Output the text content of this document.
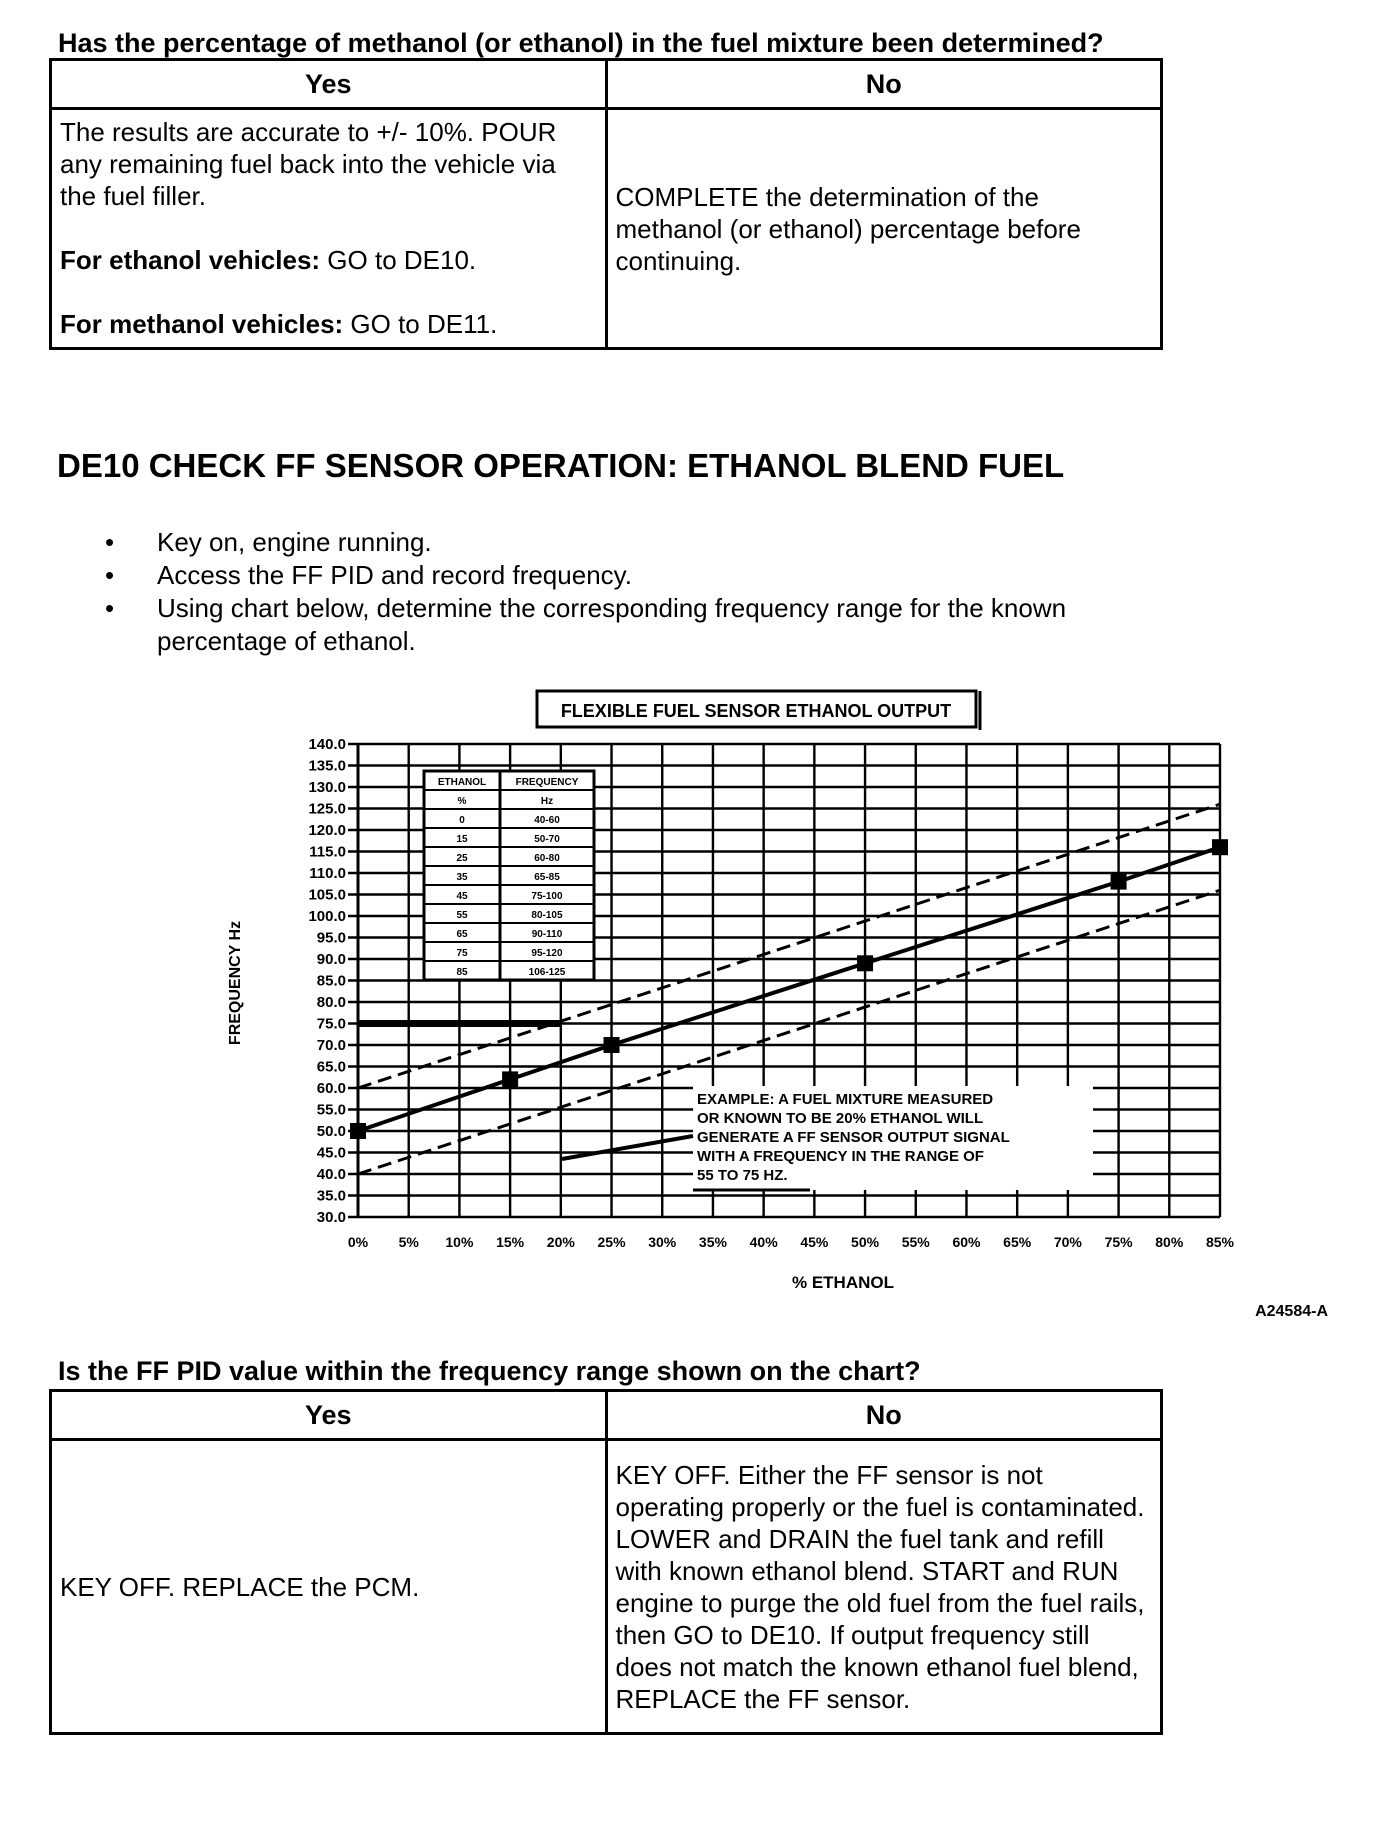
Has the percentage of methanol (or ethanol) in the fuel mixture been determined?
Yes	No

The results are accurate to +/- 10%. POUR any remaining fuel back into the vehicle via the fuel filler.

For ethanol vehicles: GO to DE10.

For methanol vehicles: GO to DE11.	COMPLETE the determination of the methanol (or ethanol) percentage before continuing.
DE10 CHECK FF SENSOR OPERATION: ETHANOL BLEND FUEL
• Key on, engine running.
• Access the FF PID and record frequency.
• Using chart below, determine the corresponding frequency range for the known percentage of ethanol.
0% 5% 10% 15% 20% 25% 30% 35% 40% 45% 50% 55% 60% 65% 70% 75% 80% 85%
140.0
135.0
130.0
125.0
120.0
115.0
110.0
105.0
100.0
95.0
90.0
85.0
80.0
75.0
70.0
65.0
60.0
55.0
50.0
45.0
40.0
35.0
30.0
FLEXIBLE FUEL SENSOR ETHANOL OUTPUT
ETHANOL	FREQUENCY
%	Hz
0	40-60
15	50-70
25	60-80
35	65-85
45	75-100
55	80-105
65	90-110
75	95-120
85	106-125
EXAMPLE: A FUEL MIXTURE MEASURED
OR KNOWN TO BE 20% ETHANOL WILL
GENERATE A FF SENSOR OUTPUT SIGNAL
WITH A FREQUENCY IN THE RANGE OF
55 TO 75 HZ.
% ETHANOL
FREQUENCY Hz
A24584-A
Is the FF PID value within the frequency range shown on the chart?
Yes	No
KEY OFF. REPLACE the PCM.	KEY OFF. Either the FF sensor is not operating properly or the fuel is contaminated. LOWER and DRAIN the fuel tank and refill with known ethanol blend. START and RUN engine to purge the old fuel from the fuel rails, then GO to DE10. If output frequency still does not match the known ethanol fuel blend, REPLACE the FF sensor.
